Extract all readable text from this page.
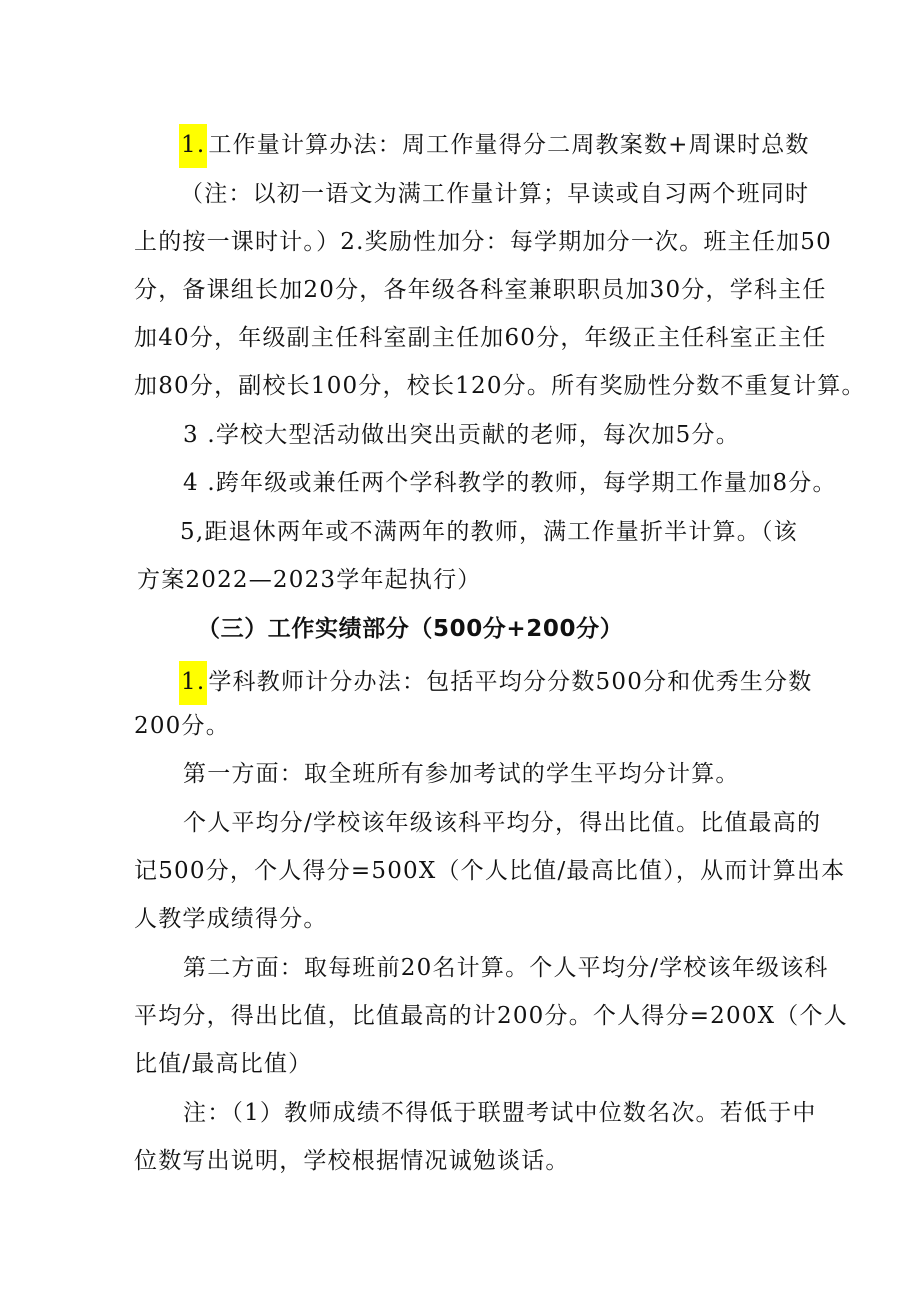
1. 工作量计算办法：周工作量得分二周教案数+周课时总数
（注：以初一语文为满工作量计算；早读或自习两个班同时
上的按一课时计。）2.奖励性加分：每学期加分一次。班主任加50
分，备课组长加20分，各年级各科室兼职职员加30分，学科主任
加40分，年级副主任科室副主任加60分，年级正主任科室正主任
加80分，副校长100分，校长120分。所有奖励性分数不重复计算。
3 .学校大型活动做出突出贡献的老师，每次加5分。
4 .跨年级或兼任两个学科教学的教师，每学期工作量加8分。
5,距退休两年或不满两年的教师，满工作量折半计算。（该
方案2022—2023学年起执行）
（三）工作实绩部分（500分+200分）
1. 学科教师计分办法：包括平均分分数500分和优秀生分数
200分。
第一方面：取全班所有参加考试的学生平均分计算。
个人平均分/学校该年级该科平均分，得出比值。比值最高的
记500分，个人得分=500X（个人比值/最高比值），从而计算出本
人教学成绩得分。
第二方面：取每班前20名计算。个人平均分/学校该年级该科
平均分，得出比值，比值最高的计200分。个人得分=200X（个人
比值/最高比值）
注：（1）教师成绩不得低于联盟考试中位数名次。若低于中
位数写出说明，学校根据情况诚勉谈话。
